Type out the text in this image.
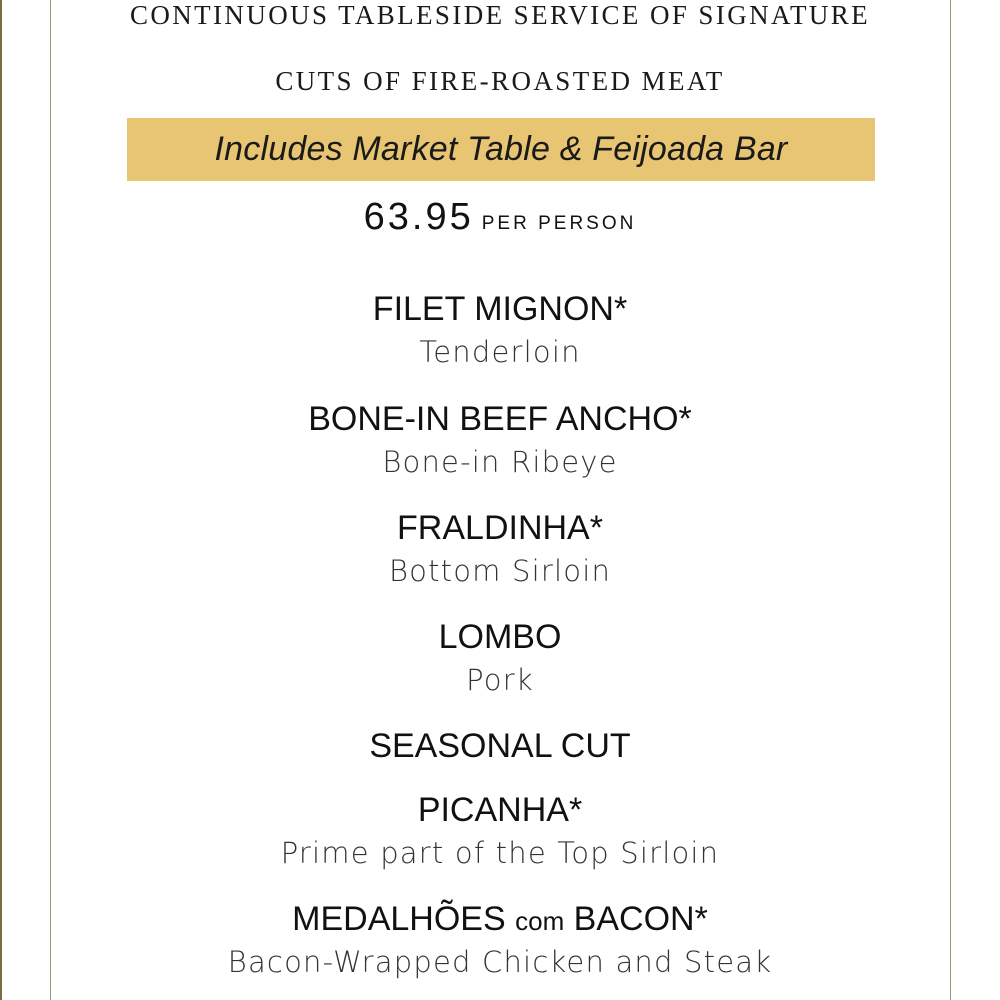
CONTINUOUS TABLESIDE SERVICE OF SIGNATURE
CUTS OF FIRE-ROASTED MEAT
Includes Market Table & Feijoada Bar
63.95 PER PERSON
FILET MIGNON*
Tenderloin
BONE-IN BEEF ANCHO*
Bone-in Ribeye
FRALDINHA*
Bottom Sirloin
LOMBO
Pork
SEASONAL CUT
PICANHA*
Prime part of the Top Sirloin
MEDALHÕES com BACON*
Bacon-Wrapped Chicken and Steak
